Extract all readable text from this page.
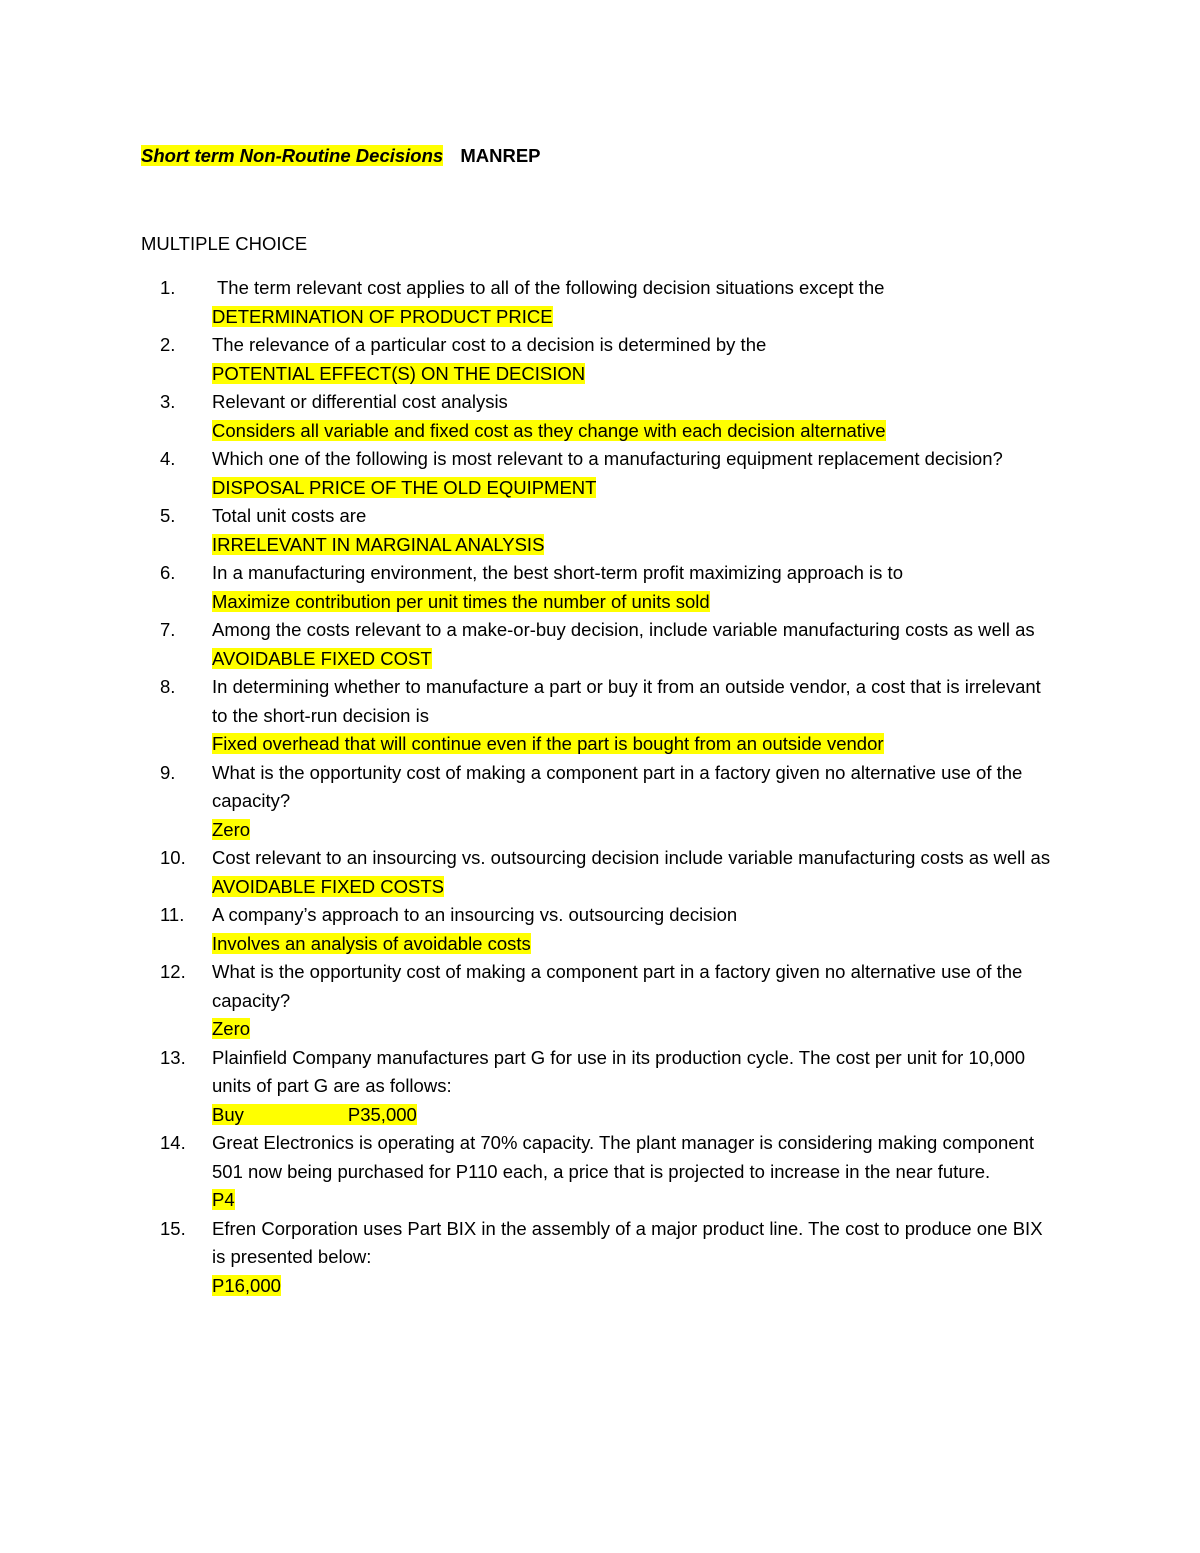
Short term Non-Routine Decisions MANREP
MULTIPLE CHOICE
1.	The term relevant cost applies to all of the following decision situations except the
DETERMINATION OF PRODUCT PRICE
2.	The relevance of a particular cost to a decision is determined by the
POTENTIAL EFFECT(S) ON THE DECISION
3.	Relevant or differential cost analysis
Considers all variable and fixed cost as they change with each decision alternative
4.	Which one of the following is most relevant to a manufacturing equipment replacement decision?
DISPOSAL PRICE OF THE OLD EQUIPMENT
5.	Total unit costs are
IRRELEVANT IN MARGINAL ANALYSIS
6.	In a manufacturing environment, the best short-term profit maximizing approach is to
Maximize contribution per unit times the number of units sold
7.	Among the costs relevant to a make-or-buy decision, include variable manufacturing costs as well as
AVOIDABLE FIXED COST
8.	In determining whether to manufacture a part or buy it from an outside vendor, a cost that is irrelevant to the short-run decision is
Fixed overhead that will continue even if the part is bought from an outside vendor
9.	What is the opportunity cost of making a component part in a factory given no alternative use of the capacity?
Zero
10.	Cost relevant to an insourcing vs. outsourcing decision include variable manufacturing costs as well as
AVOIDABLE FIXED COSTS
11.	A company’s approach to an insourcing vs. outsourcing decision
Involves an analysis of avoidable costs
12.	What is the opportunity cost of making a component part in a factory given no alternative use of the capacity?
Zero
13.	Plainfield Company manufactures part G for use in its production cycle. The cost per unit for 10,000 units of part G are as follows:
Buy	P35,000
14.	Great Electronics is operating at 70% capacity. The plant manager is considering making component 501 now being purchased for P110 each, a price that is projected to increase in the near future.
P4
15.	Efren Corporation uses Part BIX in the assembly of a major product line. The cost to produce one BIX is presented below:
P16,000
